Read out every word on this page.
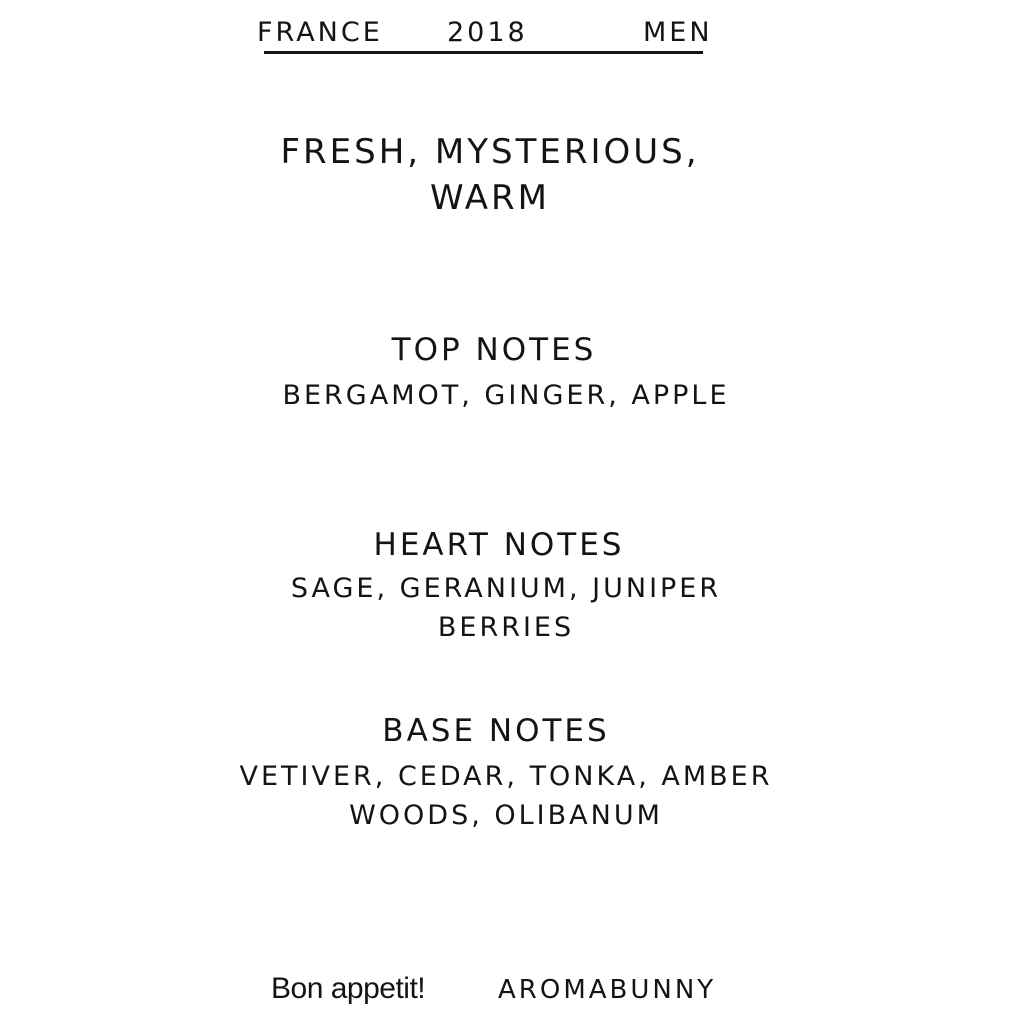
FRANCE 2018	MEN
FRESH, MYSTERIOUS, WARM
TOP NOTES
BERGAMOT, GINGER, APPLE
HEART NOTES
SAGE, GERANIUM, JUNIPER BERRIES
BASE NOTES
VETIVER, CEDAR, TONKA, AMBER WOODS, OLIBANUM
Bon appetit!	AROMABUNNY
